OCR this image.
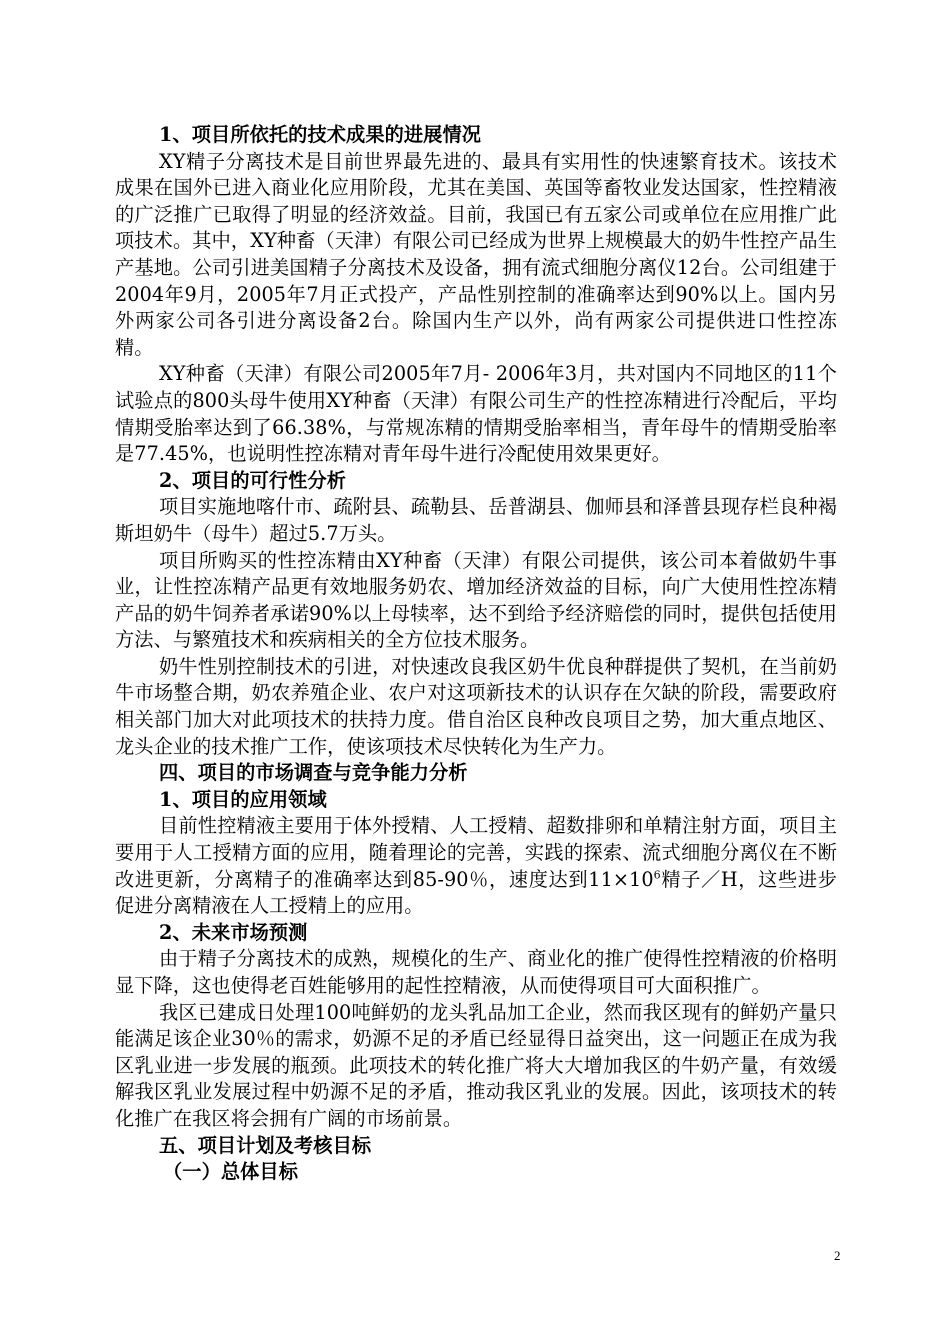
1、项目所依托的技术成果的进展情况

XY精子分离技术是目前世界最先进的、最具有实用性的快速繁育技术。该技术成果在国外已进入商业化应用阶段，尤其在美国、英国等畜牧业发达国家，性控精液的广泛推广已取得了明显的经济效益。目前，我国已有五家公司或单位在应用推广此项技术。其中，XY种畜（天津）有限公司已经成为世界上规模最大的奶牛性控产品生产基地。公司引进美国精子分离技术及设备，拥有流式细胞分离仪12台。公司组建于2004年9月，2005年7月正式投产，产品性别控制的准确率达到90%以上。国内另外两家公司各引进分离设备2台。除国内生产以外，尚有两家公司提供进口性控冻精。

XY种畜（天津）有限公司2005年7月- 2006年3月，共对国内不同地区的11个试验点的800头母牛使用XY种畜（天津）有限公司生产的性控冻精进行冷配后，平均情期受胎率达到了66.38%，与常规冻精的情期受胎率相当，青年母牛的情期受胎率是77.45%，也说明性控冻精对青年母牛进行冷配使用效果更好。

2、项目的可行性分析

项目实施地喀什市、疏附县、疏勒县、岳普湖县、伽师县和泽普县现存栏良种褐斯坦奶牛（母牛）超过5.7万头。

项目所购买的性控冻精由XY种畜（天津）有限公司提供，该公司本着做奶牛事业，让性控冻精产品更有效地服务奶农、增加经济效益的目标，向广大使用性控冻精产品的奶牛饲养者承诺90%以上母犊率，达不到给予经济赔偿的同时，提供包括使用方法、与繁殖技术和疾病相关的全方位技术服务。

奶牛性别控制技术的引进，对快速改良我区奶牛优良种群提供了契机，在当前奶牛市场整合期，奶农养殖企业、农户对这项新技术的认识存在欠缺的阶段，需要政府相关部门加大对此项技术的扶持力度。借自治区良种改良项目之势，加大重点地区、龙头企业的技术推广工作，使该项技术尽快转化为生产力。

四、项目的市场调查与竞争能力分析

1、项目的应用领域

目前性控精液主要用于体外授精、人工授精、超数排卵和单精注射方面，项目主要用于人工授精方面的应用，随着理论的完善，实践的探索、流式细胞分离仪在不断改进更新，分离精子的准确率达到85-90％，速度达到$11\times 10^6$精子／H，这些进步促进分离精液在人工授精上的应用。

2、未来市场预测

由于精子分离技术的成熟，规模化的生产、商业化的推广使得性控精液的价格明显下降，这也使得老百姓能够用的起性控精液，从而使得项目可大面积推广。

我区已建成日处理100吨鲜奶的龙头乳品加工企业，然而我区现有的鲜奶产量只能满足该企业30％的需求，奶源不足的矛盾已经显得日益突出，这一问题正在成为我区乳业进一步发展的瓶颈。此项技术的转化推广将大大增加我区的牛奶产量，有效缓解我区乳业发展过程中奶源不足的矛盾，推动我区乳业的发展。因此，该项技术的转化推广在我区将会拥有广阔的市场前景。

五、项目计划及考核目标

（一）总体目标

2
